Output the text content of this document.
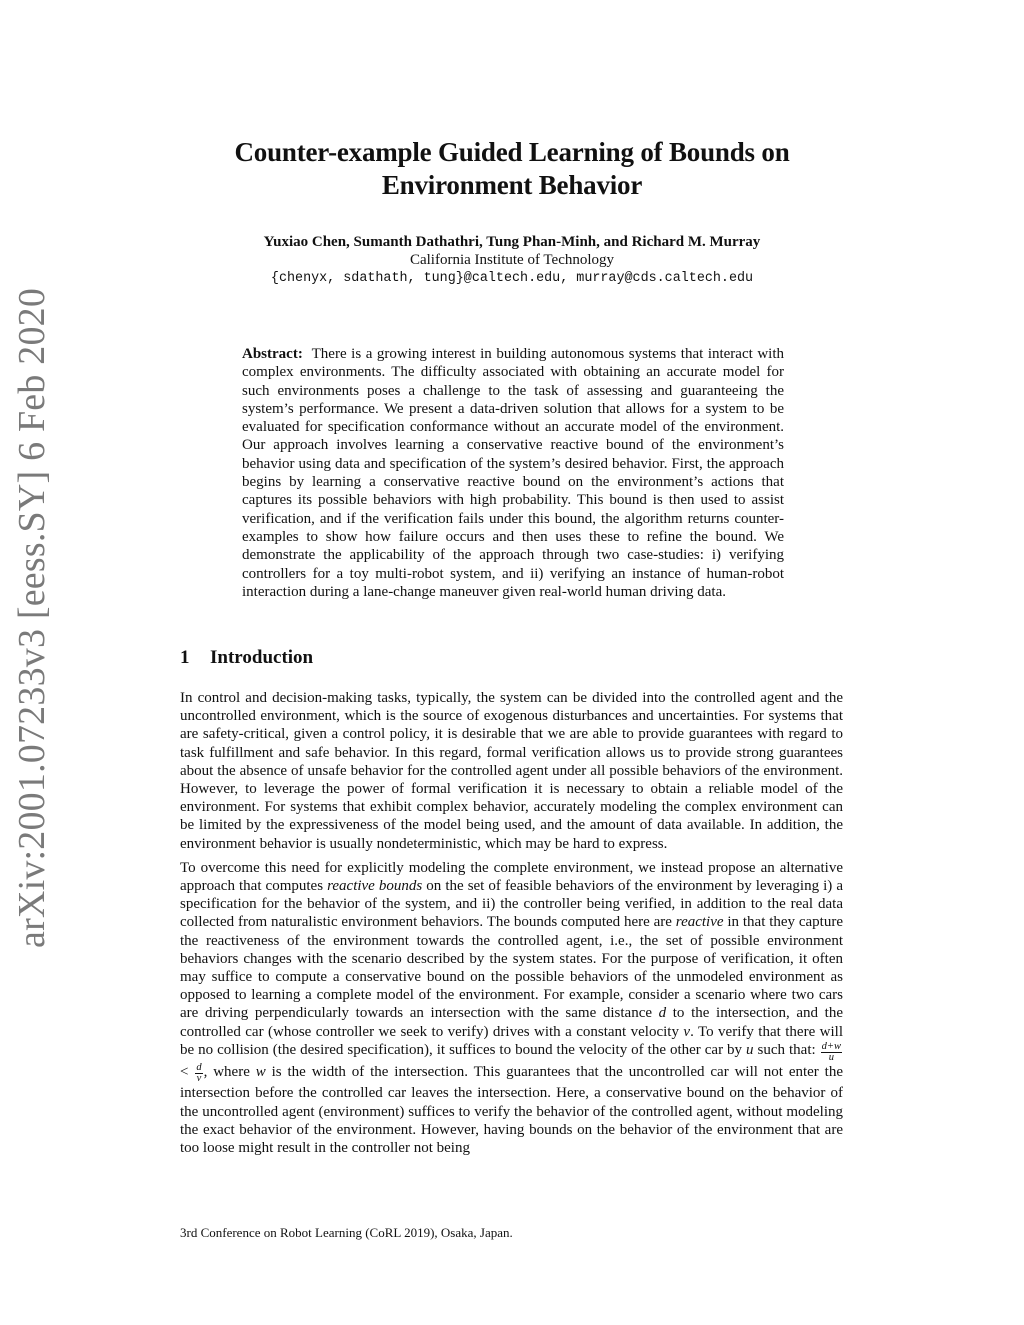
arXiv:2001.07233v3 [eess.SY] 6 Feb 2020
Counter-example Guided Learning of Bounds on
Environment Behavior
Yuxiao Chen, Sumanth Dathathri, Tung Phan-Minh, and Richard M. Murray
California Institute of Technology
{chenyx, sdathath, tung}@caltech.edu, murray@cds.caltech.edu
Abstract: There is a growing interest in building autonomous systems that interact with complex environments. The difficulty associated with obtaining an accurate model for such environments poses a challenge to the task of assessing and guaranteeing the system’s performance. We present a data-driven solution that allows for a system to be evaluated for specification conformance without an accurate model of the environment. Our approach involves learning a conservative reactive bound of the environment’s behavior using data and specification of the system’s desired behavior. First, the approach begins by learning a conservative reactive bound on the environment’s actions that captures its possible behaviors with high probability. This bound is then used to assist verification, and if the verification fails under this bound, the algorithm returns counter-examples to show how failure occurs and then uses these to refine the bound. We demonstrate the applicability of the approach through two case-studies: i) verifying controllers for a toy multi-robot system, and ii) verifying an instance of human-robot interaction during a lane-change maneuver given real-world human driving data.
1 Introduction

In control and decision-making tasks, typically, the system can be divided into the controlled agent and the uncontrolled environment, which is the source of exogenous disturbances and uncertainties. For systems that are safety-critical, given a control policy, it is desirable that we are able to provide guarantees with regard to task fulfillment and safe behavior. In this regard, formal verification allows us to provide strong guarantees about the absence of unsafe behavior for the controlled agent under all possible behaviors of the environment. However, to leverage the power of formal verification it is necessary to obtain a reliable model of the environment. For systems that exhibit complex behavior, accurately modeling the complex environment can be limited by the expressiveness of the model being used, and the amount of data available. In addition, the environment behavior is usually nondeterministic, which may be hard to express.

To overcome this need for explicitly modeling the complete environment, we instead propose an alternative approach that computes reactive bounds on the set of feasible behaviors of the environment by leveraging i) a specification for the behavior of the system, and ii) the controller being verified, in addition to the real data collected from naturalistic environment behaviors. The bounds computed here are reactive in that they capture the reactiveness of the environment towards the controlled agent, i.e., the set of possible environment behaviors changes with the scenario described by the system states. For the purpose of verification, it often may suffice to compute a conservative bound on the possible behaviors of the unmodeled environment as opposed to learning a complete model of the environment. For example, consider a scenario where two cars are driving perpendicularly towards an intersection with the same distance d to the intersection, and the controlled car (whose controller we seek to verify) drives with a constant velocity v. To verify that there will be no collision (the desired specification), it suffices to bound the velocity of the other car by u such that: $\frac{d+w}{u}$
< $\frac{d}{v}$ , where w is the width of the intersection. This guarantees that the uncontrolled car will not enter the intersection before the controlled car leaves the intersection. Here, a conservative bound on the behavior of the uncontrolled agent (environment) suffices to verify the behavior of the controlled agent, without modeling the exact behavior of the environment. However, having bounds on the behavior of the environment that are too loose might result in the controller not being

3rd Conference on Robot Learning (CoRL 2019), Osaka, Japan.
